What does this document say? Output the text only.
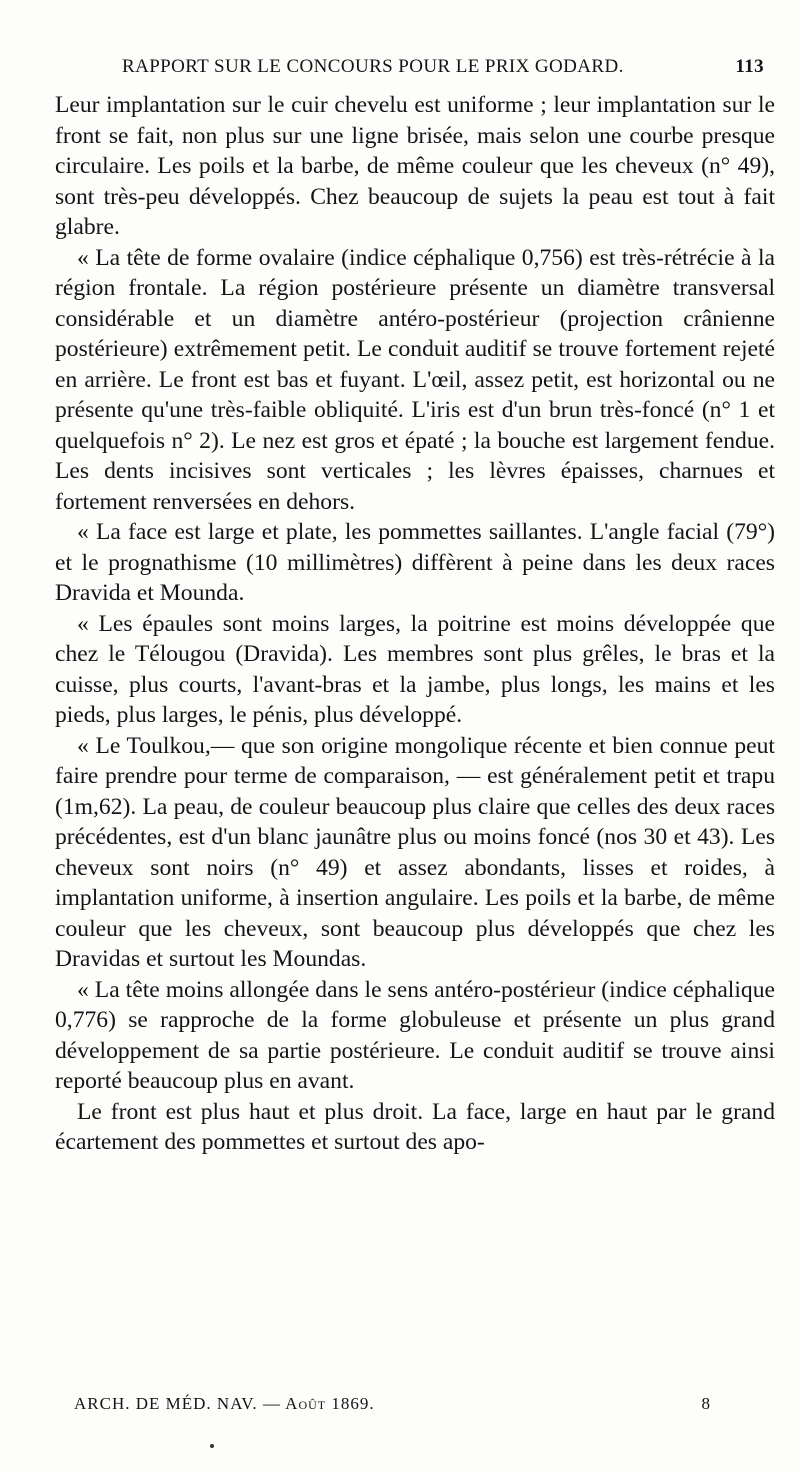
RAPPORT SUR LE CONCOURS POUR LE PRIX GODARD.	113

Leur implantation sur le cuir chevelu est uniforme ; leur implantation sur le front se fait, non plus sur une ligne brisée, mais selon une courbe presque circulaire. Les poils et la barbe, de même couleur que les cheveux (n° 49), sont très-peu développés. Chez beaucoup de sujets la peau est tout à fait glabre.

« La tête de forme ovalaire (indice céphalique 0,756) est très-rétrécie à la région frontale. La région postérieure présente un diamètre transversal considérable et un diamètre antéro-postérieur (projection crânienne postérieure) extrêmement petit. Le conduit auditif se trouve fortement rejeté en arrière. Le front est bas et fuyant. L'œil, assez petit, est horizontal ou ne présente qu'une très-faible obliquité. L'iris est d'un brun très-foncé (n° 1 et quelquefois n° 2). Le nez est gros et épaté ; la bouche est largement fendue. Les dents incisives sont verticales ; les lèvres épaisses, charnues et fortement renversées en dehors.

« La face est large et plate, les pommettes saillantes. L'angle facial (79°) et le prognathisme (10 millimètres) diffèrent à peine dans les deux races Dravida et Mounda.

« Les épaules sont moins larges, la poitrine est moins développée que chez le Télougou (Dravida). Les membres sont plus grêles, le bras et la cuisse, plus courts, l'avant-bras et la jambe, plus longs, les mains et les pieds, plus larges, le pénis, plus développé.

« Le Toulkou,— que son origine mongolique récente et bien connue peut faire prendre pour terme de comparaison, — est généralement petit et trapu (1m,62). La peau, de couleur beaucoup plus claire que celles des deux races précédentes, est d'un blanc jaunâtre plus ou moins foncé (nos 30 et 43). Les cheveux sont noirs (n° 49) et assez abondants, lisses et roides, à implantation uniforme, à insertion angulaire. Les poils et la barbe, de même couleur que les cheveux, sont beaucoup plus développés que chez les Dravidas et surtout les Moundas.

« La tête moins allongée dans le sens antéro-postérieur (indice céphalique 0,776) se rapproche de la forme globuleuse et présente un plus grand développement de sa partie postérieure. Le conduit auditif se trouve ainsi reporté beaucoup plus en avant.

Le front est plus haut et plus droit. La face, large en haut par le grand écartement des pommettes et surtout des apo-

ARCH. DE MÉD. NAV. — Août 1869.	8
